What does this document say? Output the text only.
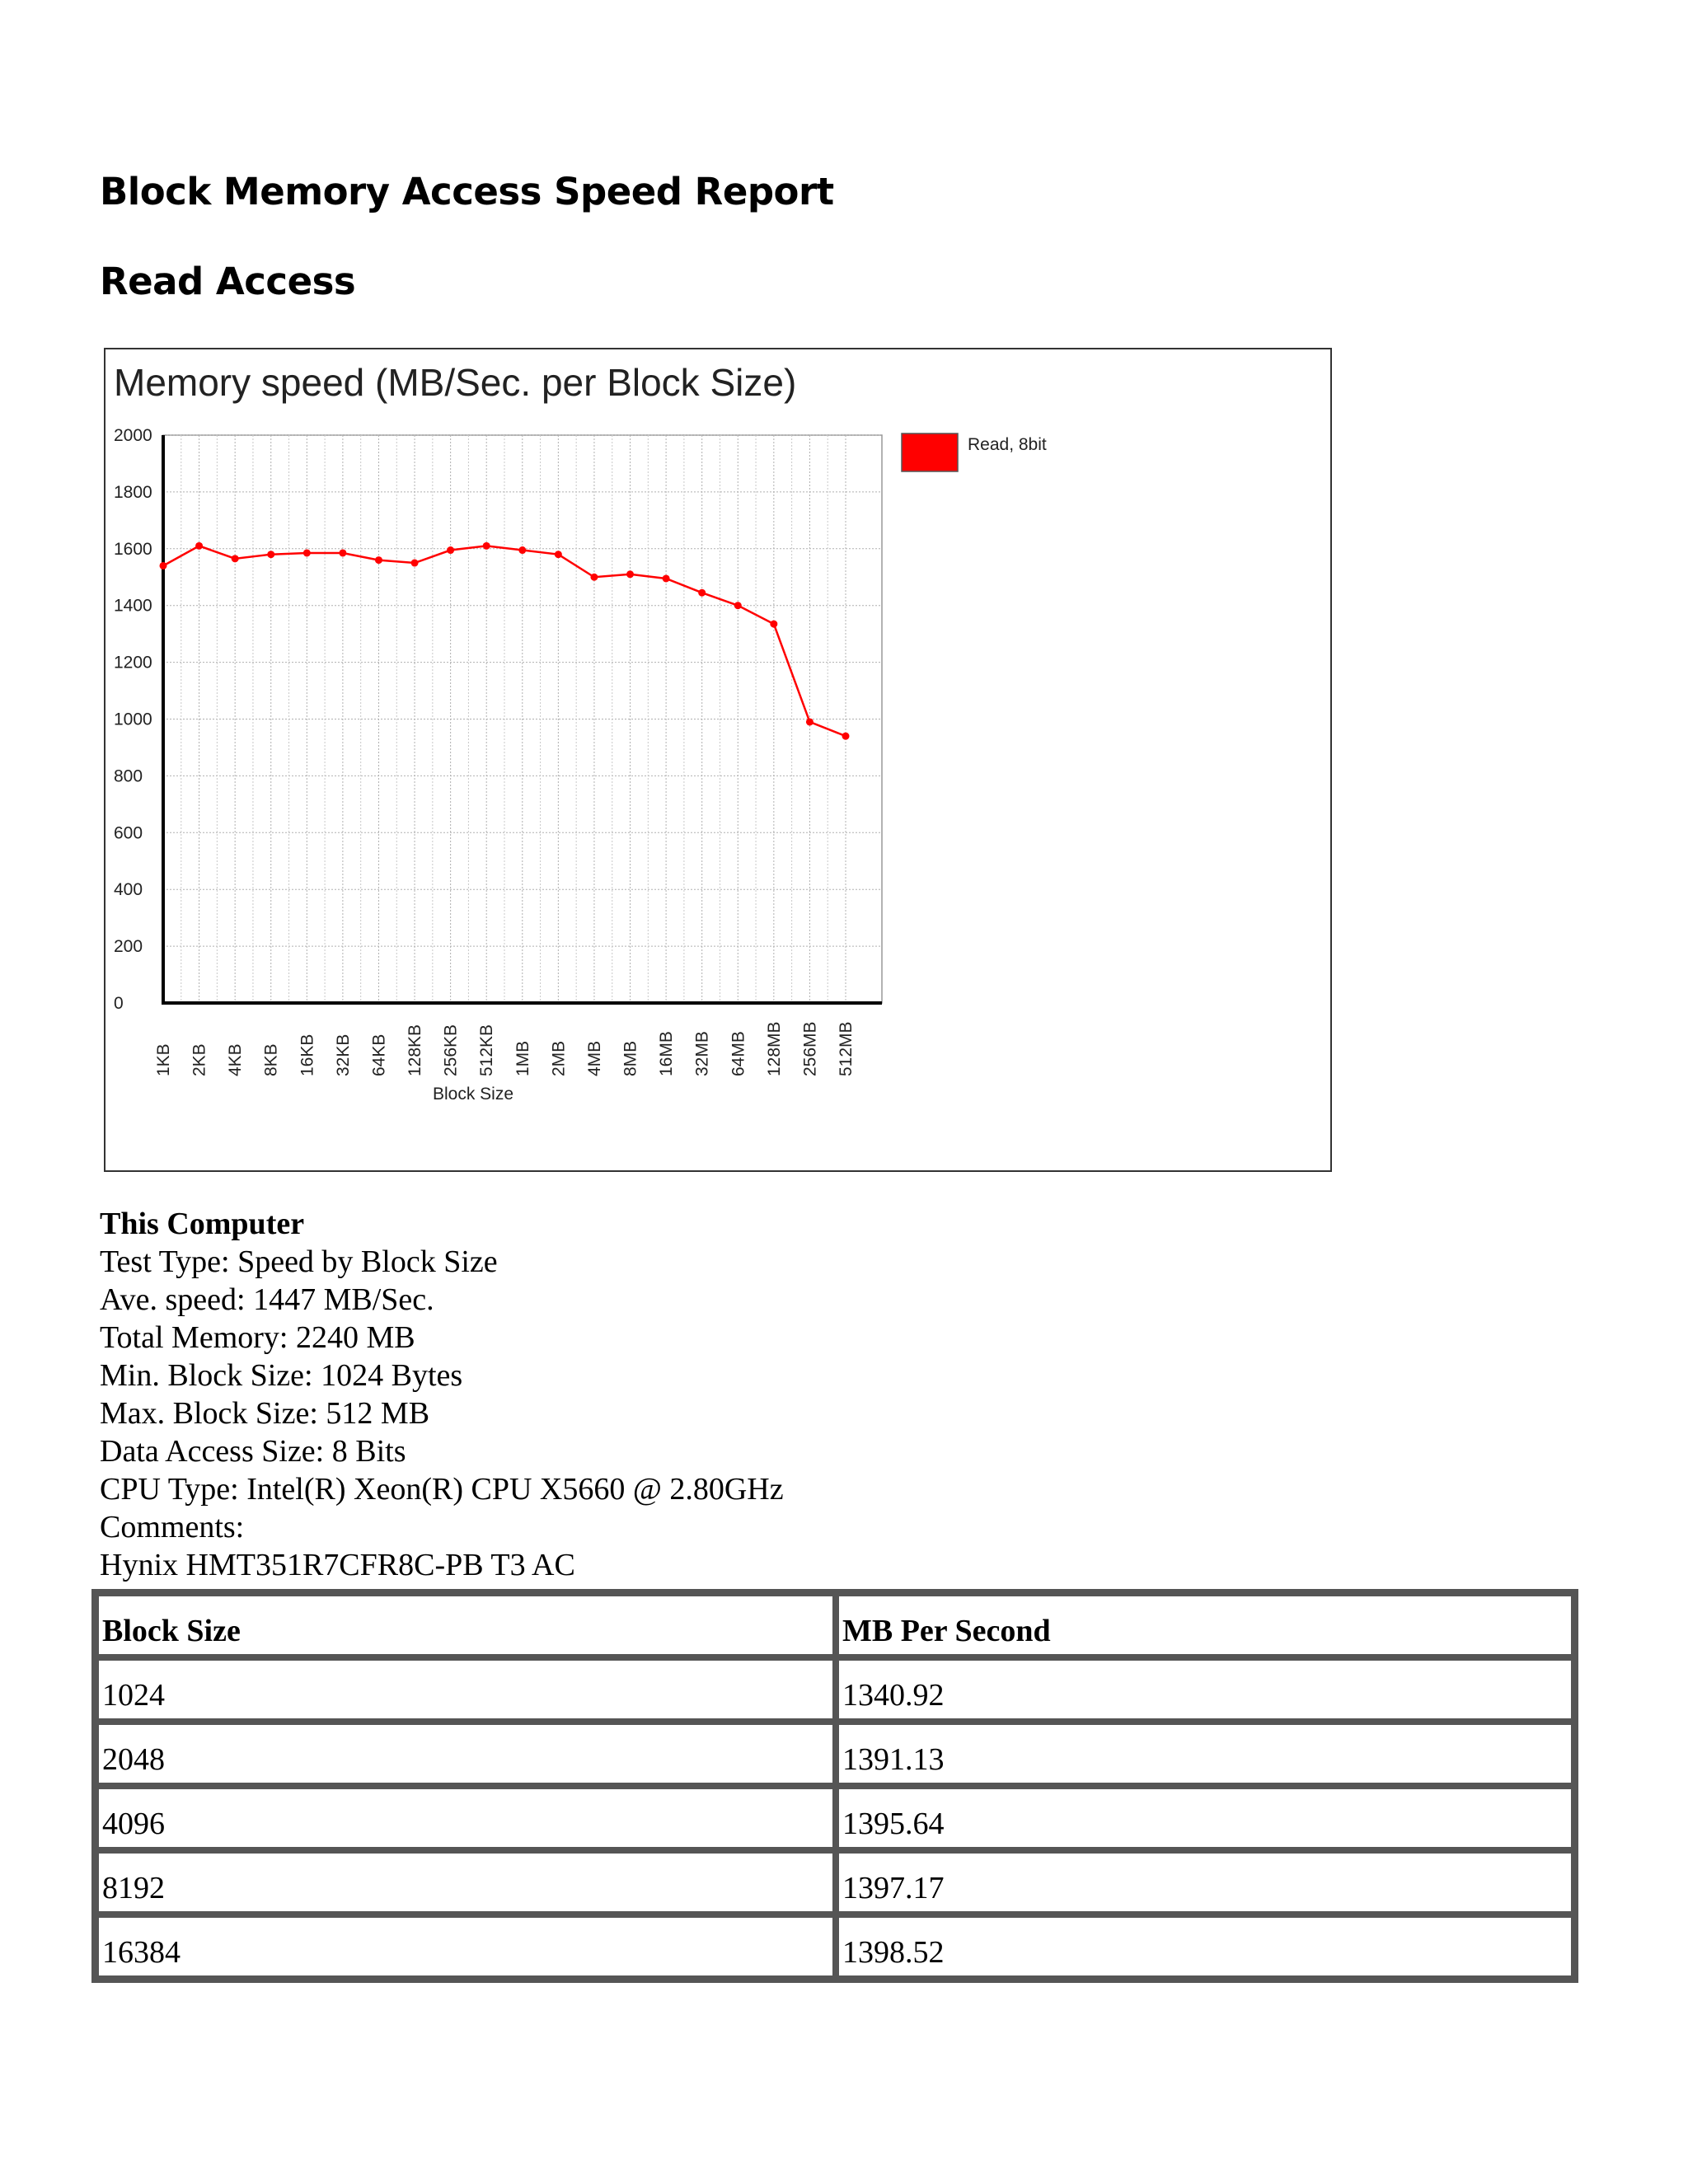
Block Memory Access Speed Report
Read Access
Memory speed (MB/Sec. per Block Size)
2000
1800
1600
1400
1200
1000
800
600
400
200
0
1KB 2KB 4KB 8KB 16KB 32KB 64KB 128KB 256KB 512KB 1MB 2MB 4MB 8MB 16MB 32MB 64MB 128MB 256MB 512MB
Block Size
Read, 8bit
This Computer
Test Type: Speed by Block Size
Ave. speed: 1447 MB/Sec.
Total Memory: 2240 MB
Min. Block Size: 1024 Bytes
Max. Block Size: 512 MB
Data Access Size: 8 Bits
CPU Type: Intel(R) Xeon(R) CPU X5660 @ 2.80GHz
Comments:
Hynix HMT351R7CFR8C-PB T3 AC
Block Size	MB Per Second
1024	1340.92
2048	1391.13
4096	1395.64
8192	1397.17
16384	1398.52
